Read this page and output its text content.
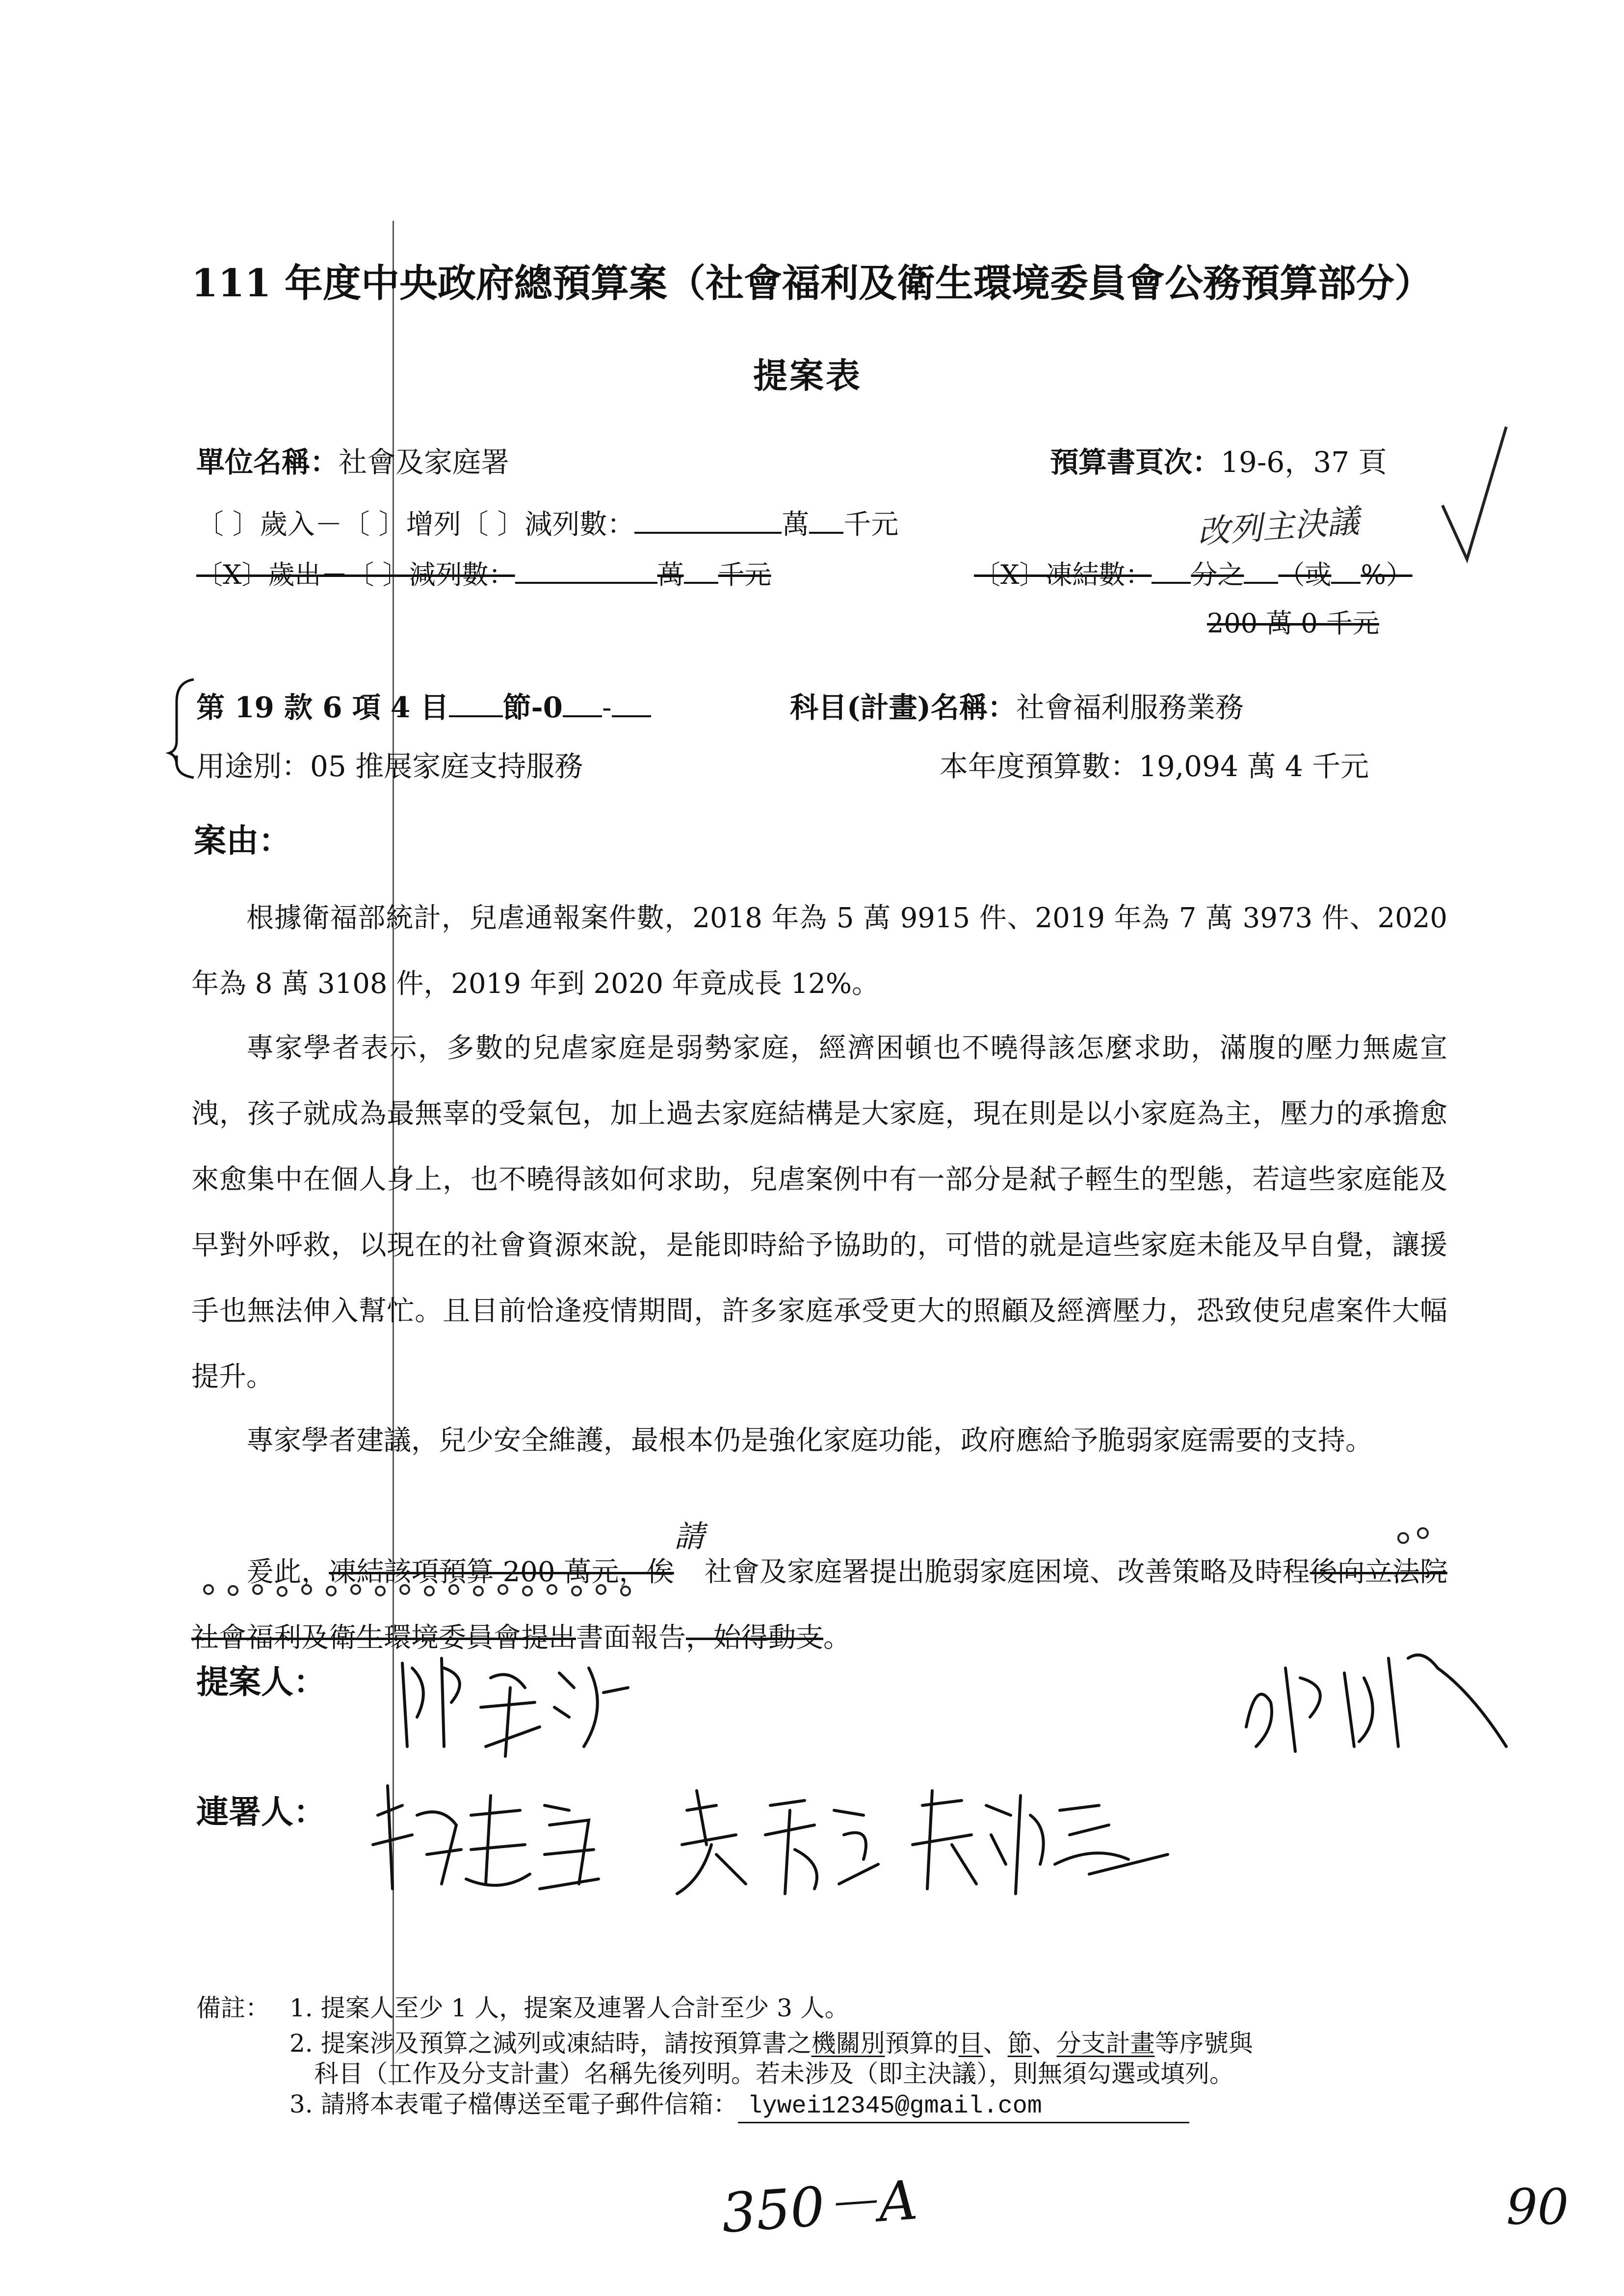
111 年度中央政府總預算案（社會福利及衛生環境委員會公務預算部分）
提案表
單位名稱：社會及家庭署	預算書頁次：19-6，37 頁
〔 〕歲入－〔 〕增列〔 〕減列數：	萬 千元
〔X〕歲出－〔 〕減列數：	萬 千元	〔X〕凍結數： 分之 （或 %）
200 萬 0 千元
改列主決議
第 19 款 6 項 4 目 節-0 -	科目(計畫)名稱：社會福利服務業務
用途別：05 推展家庭支持服務	本年度預算數：19,094 萬 4 千元
案由：
根據衛福部統計，兒虐通報案件數，2018 年為 5 萬 9915 件、2019 年為 7 萬 3973 件、2020 年為 8 萬 3108 件，2019 年到 2020 年竟成長 12%。
專家學者表示，多數的兒虐家庭是弱勢家庭，經濟困頓也不曉得該怎麼求助，滿腹的壓力無處宣洩，孩子就成為最無辜的受氣包，加上過去家庭結構是大家庭，現在則是以小家庭為主，壓力的承擔愈來愈集中在個人身上，也不曉得該如何求助，兒虐案例中有一部分是弒子輕生的型態，若這些家庭能及早對外呼救，以現在的社會資源來說，是能即時給予協助的，可惜的就是這些家庭未能及早自覺，讓援手也無法伸入幫忙。且目前恰逢疫情期間，許多家庭承受更大的照顧及經濟壓力，恐致使兒虐案件大幅提升。
專家學者建議，兒少安全維護，最根本仍是強化家庭功能，政府應給予脆弱家庭需要的支持。
爰此，凍結該項預算 200 萬元，俟請社會及家庭署提出脆弱家庭困境、改善策略及時程後向立法院社會福利及衛生環境委員會提出書面報告，始得動支。
提案人：
連署人：
備註： 1. 提案人至少 1 人，提案及連署人合計至少 3 人。
2. 提案涉及預算之減列或凍結時，請按預算書之機關別預算的目、節、分支計畫等序號與
科目（工作及分支計畫）名稱先後列明。若未涉及（即主決議），則無須勾選或填列。
3. 請將本表電子檔傳送至電子郵件信箱： lywei12345@gmail.com
350－A	90
